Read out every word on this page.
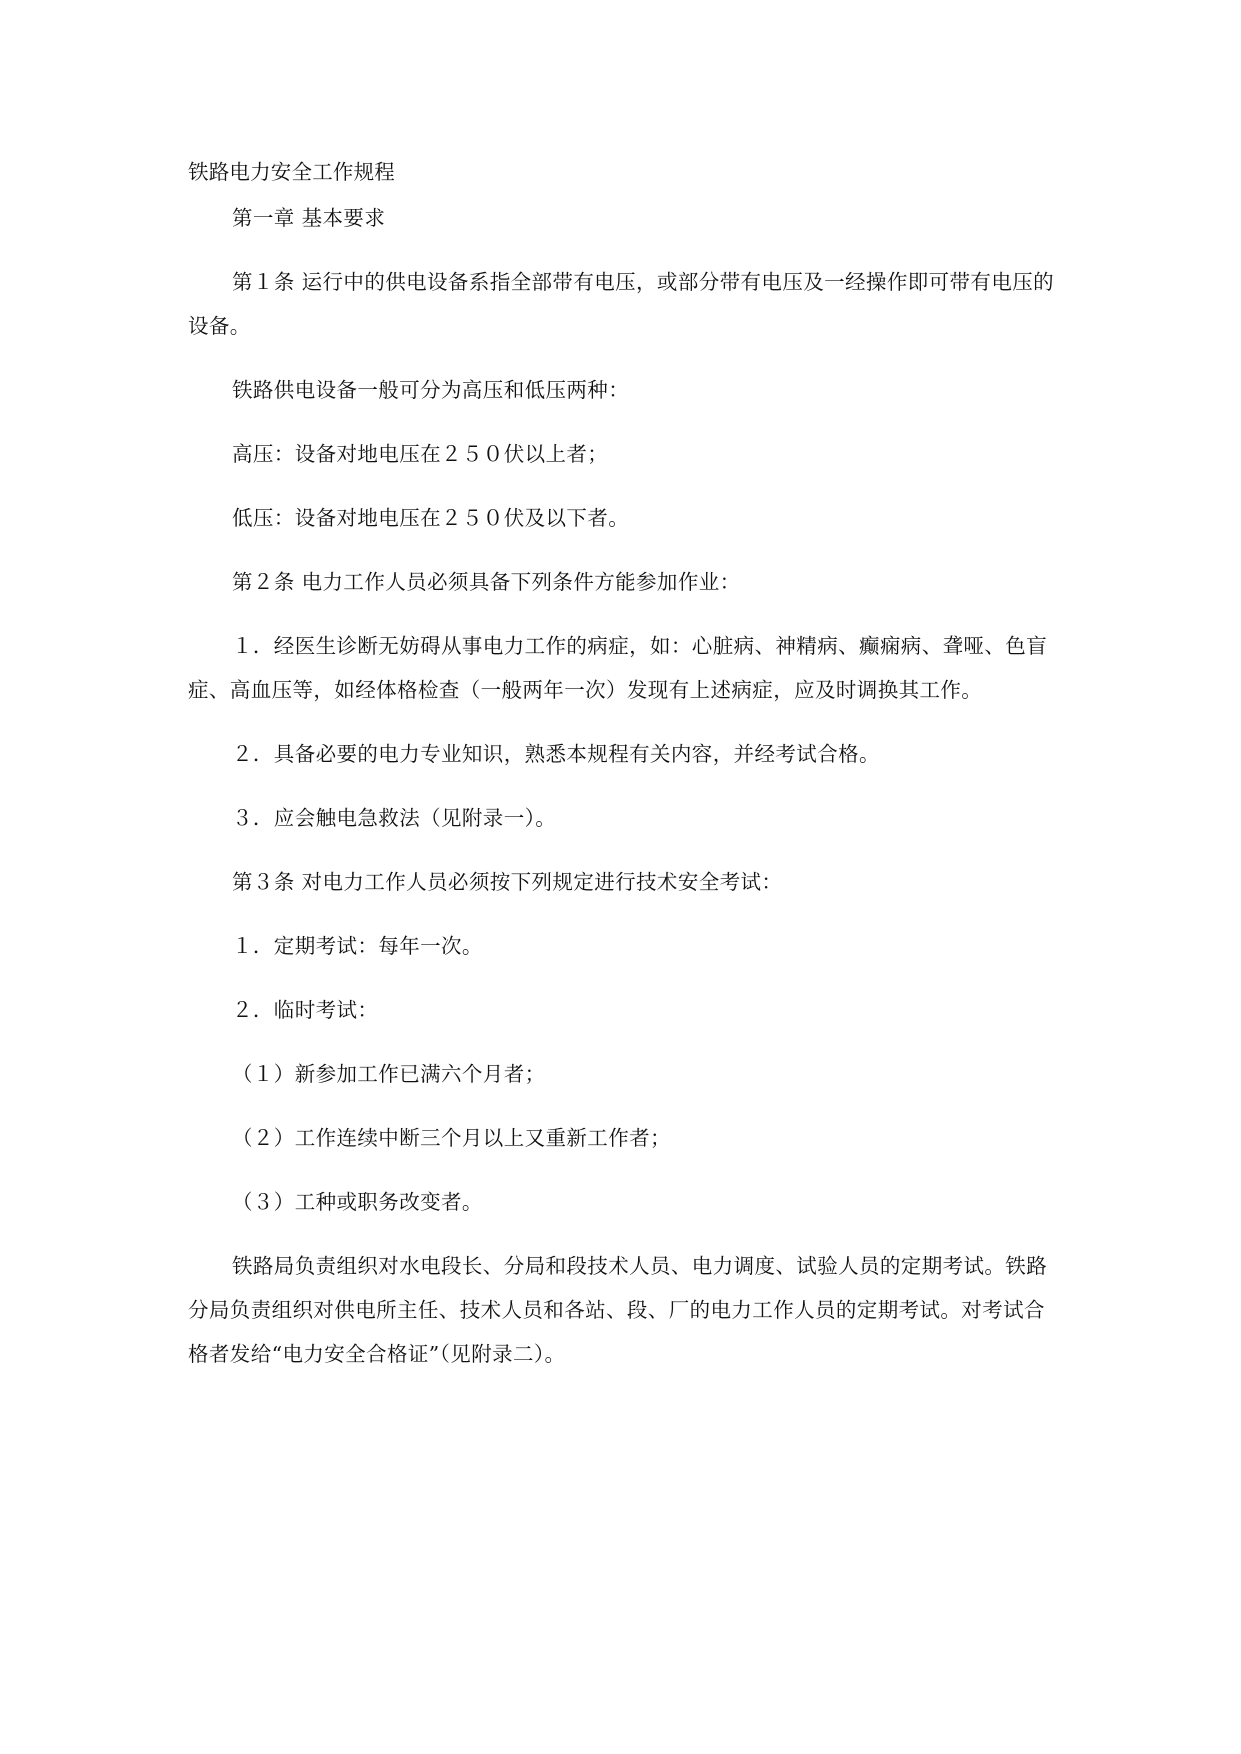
铁路电力安全工作规程

第一章 基本要求

第１条 运行中的供电设备系指全部带有电压，或部分带有电压及一经操作即可带有电压的设备。

铁路供电设备一般可分为高压和低压两种：

高压：设备对地电压在２５０伏以上者；

低压：设备对地电压在２５０伏及以下者。

第２条 电力工作人员必须具备下列条件方能参加作业：

１．经医生诊断无妨碍从事电力工作的病症，如：心脏病、神精病、癫痫病、聋哑、色盲症、高血压等，如经体格检查（一般两年一次）发现有上述病症，应及时调换其工作。

２．具备必要的电力专业知识，熟悉本规程有关内容，并经考试合格。

３．应会触电急救法（见附录一）。

第３条 对电力工作人员必须按下列规定进行技术安全考试：

１．定期考试：每年一次。

２．临时考试：

（１）新参加工作已满六个月者；

（２）工作连续中断三个月以上又重新工作者；

（３）工种或职务改变者。

铁路局负责组织对水电段长、分局和段技术人员、电力调度、试验人员的定期考试。铁路分局负责组织对供电所主任、技术人员和各站、段、厂的电力工作人员的定期考试。对考试合格者发给“电力安全合格证”（见附录二）。
